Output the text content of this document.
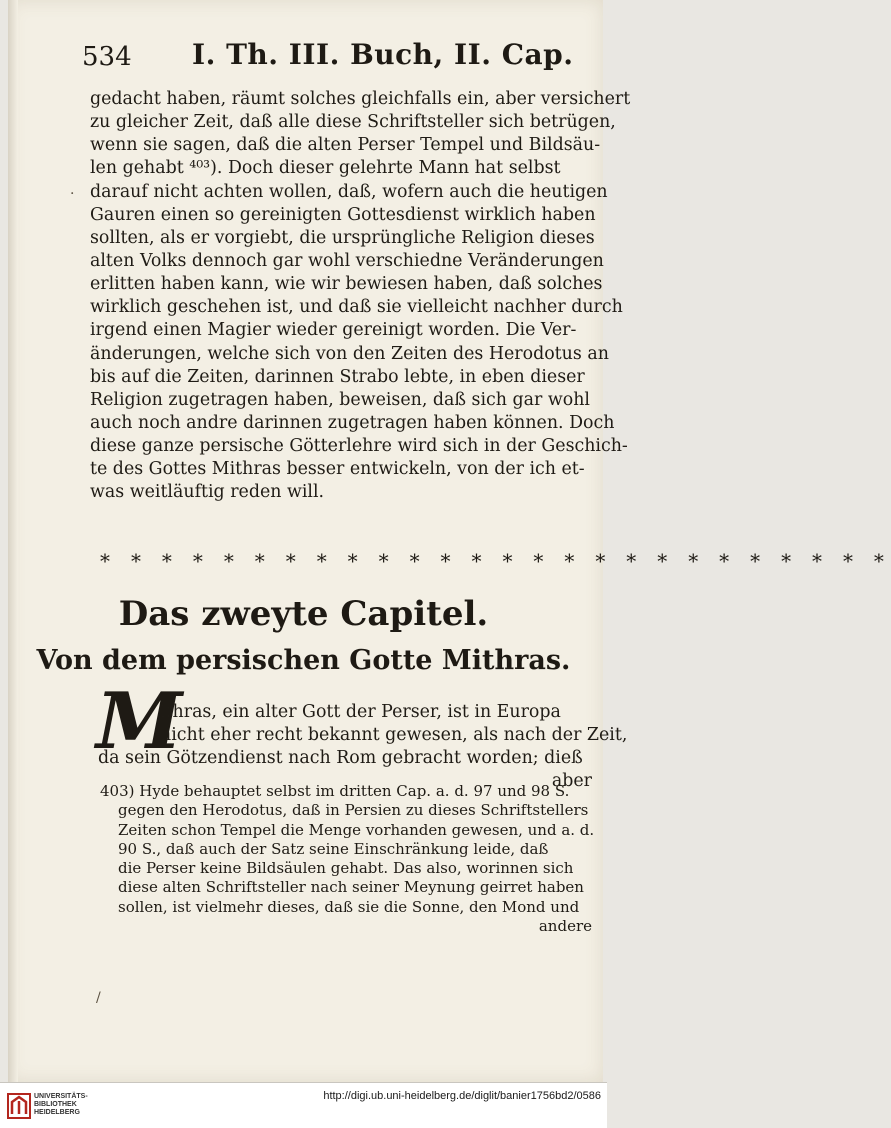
534 I. Th. III. Buch, II. Cap.
gedacht haben, räumt solches gleichfalls ein, aber versichert
zu gleicher Zeit, daß alle diese Schriftsteller sich betrügen,
wenn sie sagen, daß die alten Perser Tempel und Bildsäu-
len gehabt ⁴⁰³). Doch dieser gelehrte Mann hat selbst
darauf nicht achten wollen, daß, wofern auch die heutigen
Gauren einen so gereinigten Gottesdienst wirklich haben
sollten, als er vorgiebt, die ursprüngliche Religion dieses
alten Volks dennoch gar wohl verschiedne Veränderungen
erlitten haben kann, wie wir bewiesen haben, daß solches
wirklich geschehen ist, und daß sie vielleicht nachher durch
irgend einen Magier wieder gereinigt worden. Die Ver-
änderungen, welche sich von den Zeiten des Herodotus an
bis auf die Zeiten, darinnen Strabo lebte, in eben dieser
Religion zugetragen haben, beweisen, daß sich gar wohl
auch noch andre darinnen zugetragen haben können. Doch
diese ganze persische Götterlehre wird sich in der Geschich-
te des Gottes Mithras besser entwickeln, von der ich et-
was weitläuftig reden will.
·
* * * * * * * * * * * * * * * * * * * * * * * * * *
Das zweyte Capitel.
Von dem persischen Gotte Mithras.
M
ithras, ein alter Gott der Perser, ist in Europa
nicht eher recht bekannt gewesen, als nach der Zeit,
da sein Götzendienst nach Rom gebracht worden; dieß
aber
403) Hyde behauptet selbst im dritten Cap. a. d. 97 und 98 S.
gegen den Herodotus, daß in Persien zu dieses Schriftstellers
Zeiten schon Tempel die Menge vorhanden gewesen, und a. d.
90 S., daß auch der Satz seine Einschränkung leide, daß
die Perser keine Bildsäulen gehabt. Das also, worinnen sich
diese alten Schriftsteller nach seiner Meynung geirret haben
sollen, ist vielmehr dieses, daß sie die Sonne, den Mond und
andere
/
UNIVERSITÄTS-
BIBLIOTHEK
HEIDELBERG
http://digi.ub.uni-heidelberg.de/diglit/banier1756bd2/0586
